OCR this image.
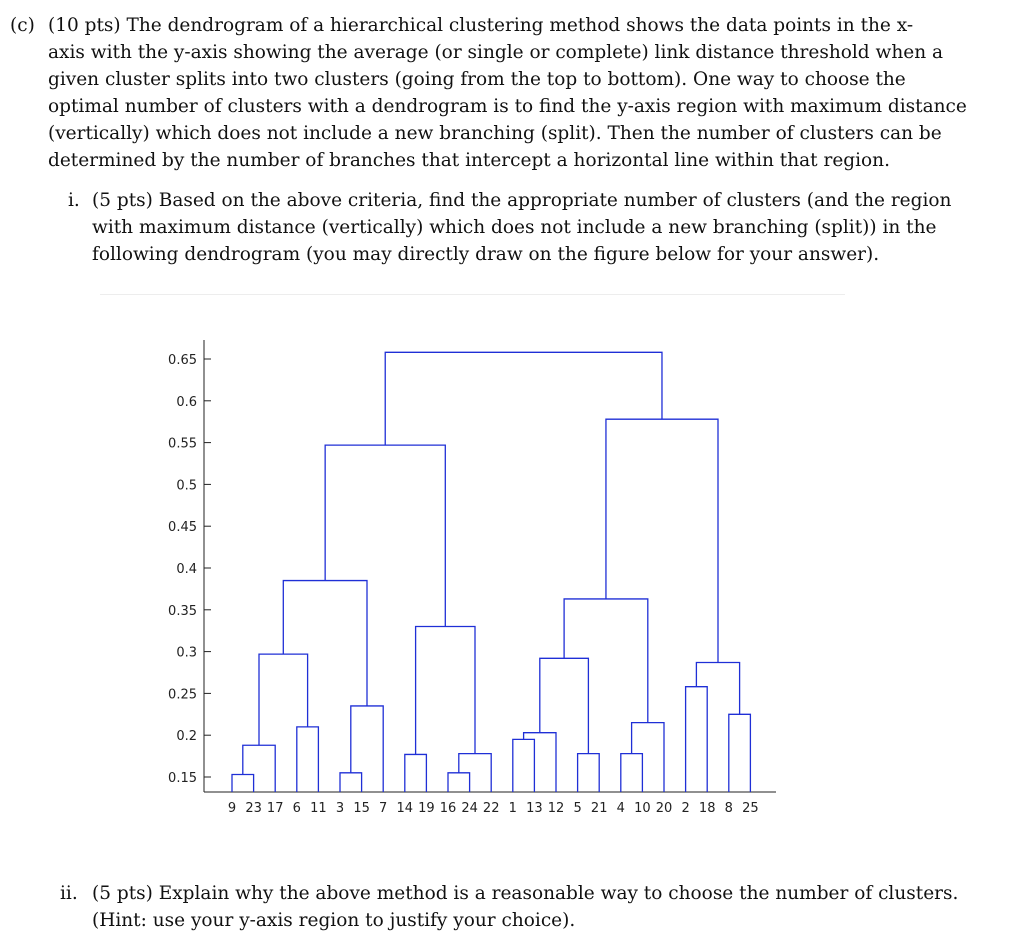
(c) (10 pts) The dendrogram of a hierarchical clustering method shows the data points in the x-
axis with the y-axis showing the average (or single or complete) link distance threshold when a
given cluster splits into two clusters (going from the top to bottom). One way to choose the
optimal number of clusters with a dendrogram is to find the y-axis region with maximum distance
(vertically) which does not include a new branching (split). Then the number of clusters can be
determined by the number of branches that intercept a horizontal line within that region.
i. (5 pts) Based on the above criteria, find the appropriate number of clusters (and the region
with maximum distance (vertically) which does not include a new branching (split)) in the
following dendrogram (you may directly draw on the figure below for your answer).
0.15
0.2
0.25
0.3
0.35
0.4
0.45
0.5
0.55
0.6
0.65
9 23 17 6 11 3 15 7 14 19 16 24 22 1 13 12 5 21 4 10 20 2 18 8 25
ii. (5 pts) Explain why the above method is a reasonable way to choose the number of clusters.
(Hint: use your y-axis region to justify your choice).
